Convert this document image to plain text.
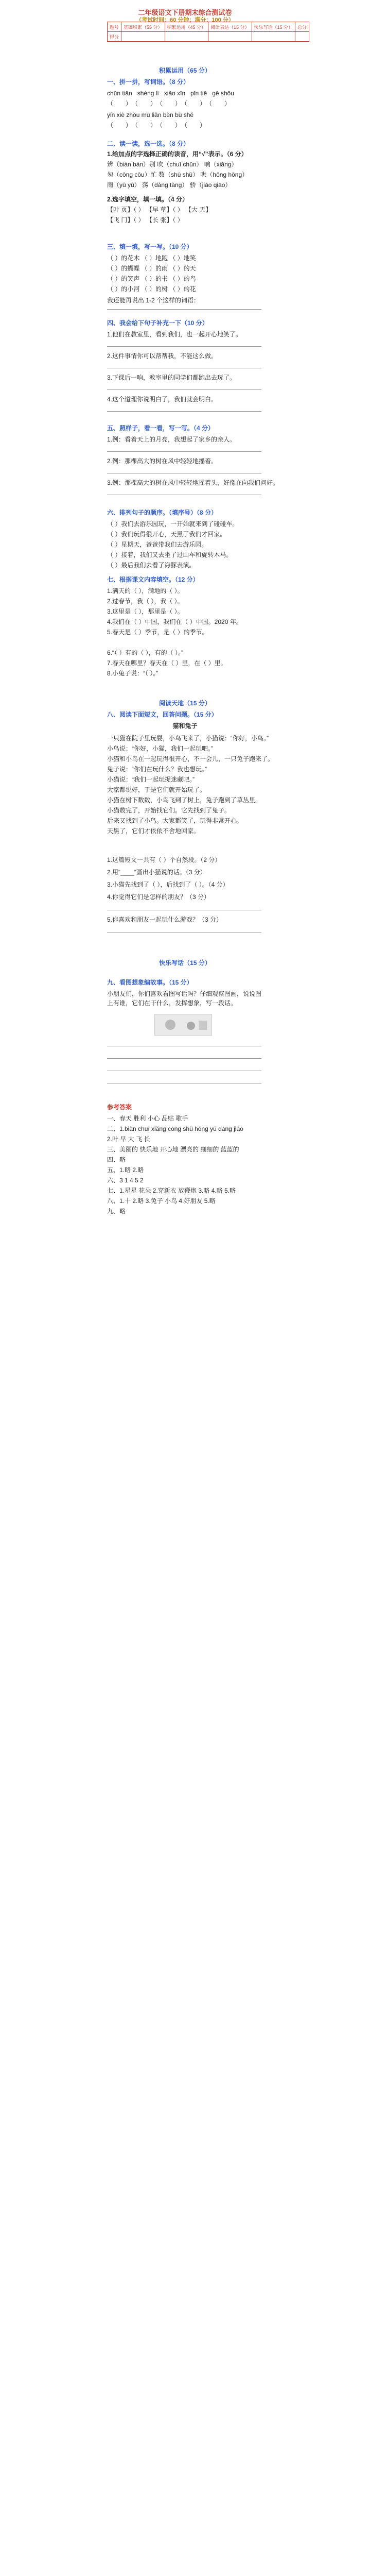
二年级语文下册期末综合测试卷
（考试时间：60 分钟；满分：100 分）
题号	基础积累（55 分）	积累运用（45 分）	阅读表达（15 分）	快乐写话（15 分）	总分
得分					
积累运用（65 分）
一、拼一拼，写词语。（8 分）
chūn tiān shèng lì xiǎo xīn pǐn tiē gē shǒu
（　　）　（　　）　（　　）　（　　）　（　　）
yǐn xiè zhǒu mù liǎn bèn bù shě
（　　）　（　　）　（　　）　（　　）
二、读一读，选一选。（8 分）
1.给加点的字选择正确的读音，用“√”表示。（6 分）
辨（biàn bàn）别 吹（chuī chūn） 响（xiǎng）
匆（cōng cōu）忙 数（shù shǔ） 哄（hōng hǒng）
雨（yǔ yù） 荡（dàng tàng） 骄（jiāo qiāo）
2.选字填空，填一填。（4 分）
【叶 页】（ ） 【早 草】（ ） 【大 天】
【飞 门】（ ） 【长 张】（ ）
三、填一填，写一写。（10 分）
（ ）的花木 （ ）地跑 （ ）地笑
（ ）的蝴蝶 （ ）的雨 （ ）的天
（ ）的笑声 （ ）的书 （ ）的鸟
（ ）的小河 （ ）的树 （ ）的花
我还能再说出 1-2 个这样的词语：
四、我会给下句子补充一下（10 分）
1.他们在教室里，看到我们，也一起开心地笑了。
2.这件事情你可以帮帮我，不能这么做。
3.下课后一响，教室里的同学们都跑出去玩了。
4.这个道理你说明白了，我们就会明白。
五、照样子，看一看，写一写。（4 分）
1.例：看着天上的月亮，我想起了家乡的亲人。
2.例：那棵高大的树在风中轻轻地摇着。
3.例：那棵高大的树在风中轻轻地摇着头，好像在向我们问好。
六、排列句子的顺序。（填序号）（8 分）
（ ）我们去游乐园玩，一开始就来到了碰碰车。
（ ）我们玩得很开心，天黑了我们才回家。
（ ）星期天，爸爸带我们去游乐园。
（ ）接着，我们又去坐了过山车和旋转木马。
（ ）最后我们去看了海豚表演。
七、根据课文内容填空。（12 分）
1.满天的（ ），满地的（ ）。
2.过春节，我（ ），我（ ）。
3.这里是（ ），那里是（ ）。
4.我们在（ ）中国，我们在（ ）中国。2020 年。
5.春天是（ ）季节，是（ ）的季节。
6.“（ ）有的（ ），有的（ ）。”
7.春天在哪里？春天在（ ）里，在（ ）里。
8.小兔子说：“（ ）。”
阅读天地（15 分）
八、阅读下面短文，回答问题。（15 分）
猫和兔子
一只猫在院子里玩耍，小鸟飞来了，小猫说：“你好，小鸟。”
小鸟说：“你好，小猫，我们一起玩吧。”
小猫和小鸟在一起玩得很开心，不一会儿，一只兔子跑来了。
兔子说：“你们在玩什么？我也想玩。”
小猫说：“我们一起玩捉迷藏吧。”
大家都说好，于是它们就开始玩了。
小猫在树下数数，小鸟飞到了树上，兔子跑到了草丛里。
小猫数完了，开始找它们。它先找到了兔子。
后来又找到了小鸟。大家都笑了，玩得非常开心。
天黑了，它们才依依不舍地回家。
1.这篇短文一共有（ ）个自然段。（2 分）
2.用“____”画出小猫说的话。（3 分）
3.小猫先找到了（ ），后找到了（ ）。（4 分）
4.你觉得它们是怎样的朋友？（3 分）
5.你喜欢和朋友一起玩什么游戏？（3 分）
快乐写话（15 分）
九、看图想象编故事。（15 分）
小朋友们，你们喜欢看图写话吗？仔细观察图画，说说图上有谁，它们在干什么，发挥想象，写一段话。
参考答案
一、春天 胜利 小心 品贴 歌手
二、1.biàn chuī xiǎng cōng shù hōng yǔ dàng jiāo
2.叶 早 大 飞 长
三、美丽的 快乐地 开心地 漂亮的 细细的 蓝蓝的
四、略
五、1.略 2.略
六、3 1 4 5 2
七、1.星星 花朵 2.穿新衣 放鞭炮 3.略 4.略 5.略
八、1.十 2.略 3.兔子 小鸟 4.好朋友 5.略
九、略
